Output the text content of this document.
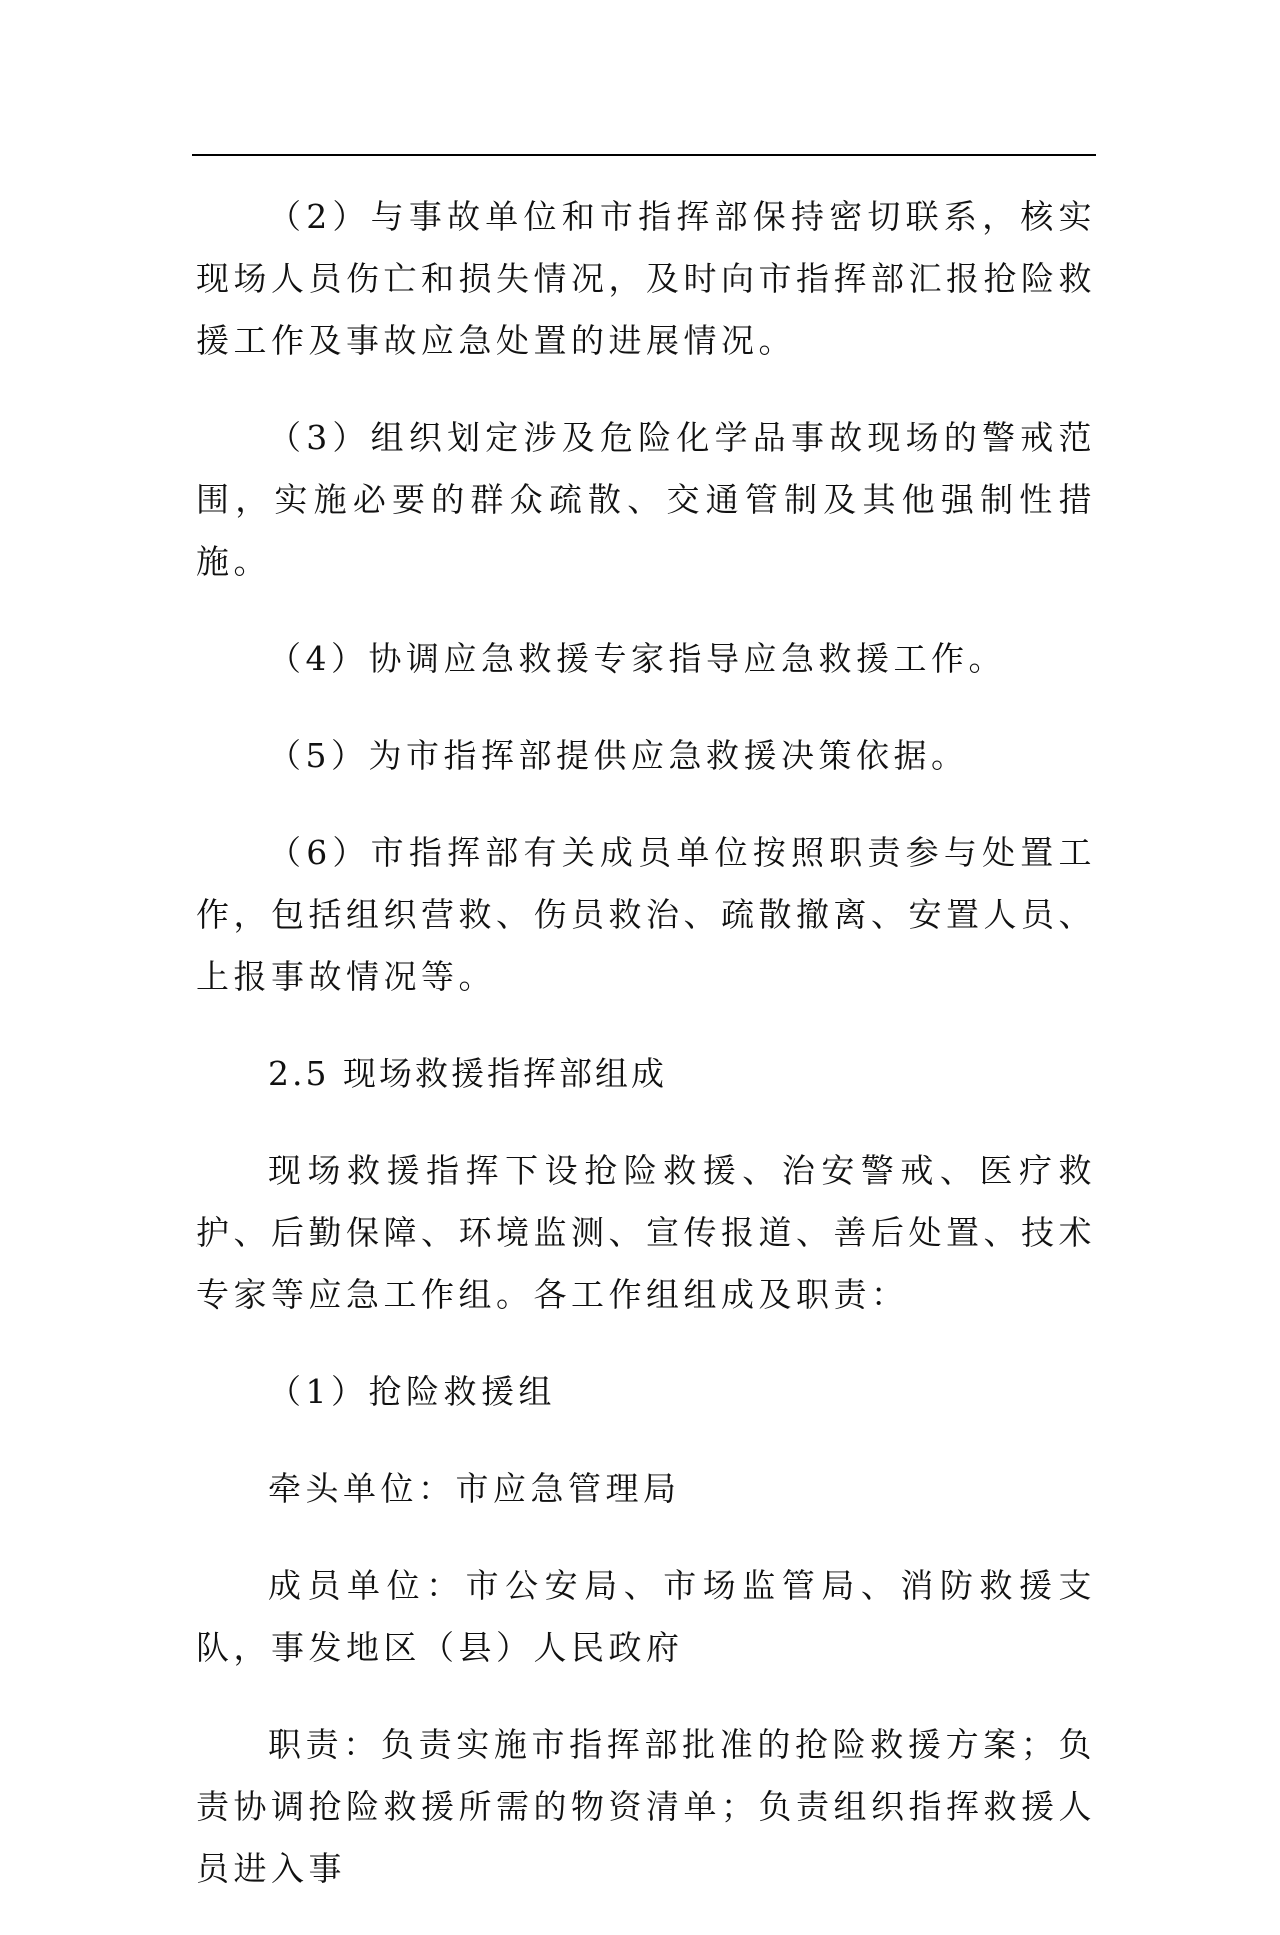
（2）与事故单位和市指挥部保持密切联系，核实现场人员伤亡和损失情况，及时向市指挥部汇报抢险救援工作及事故应急处置的进展情况。

（3）组织划定涉及危险化学品事故现场的警戒范围，实施必要的群众疏散、交通管制及其他强制性措施。

（4）协调应急救援专家指导应急救援工作。

（5）为市指挥部提供应急救援决策依据。

（6）市指挥部有关成员单位按照职责参与处置工作，包括组织营救、伤员救治、疏散撤离、安置人员、上报事故情况等。

2.5 现场救援指挥部组成

现场救援指挥下设抢险救援、治安警戒、医疗救护、后勤保障、环境监测、宣传报道、善后处置、技术专家等应急工作组。各工作组组成及职责：

（1）抢险救援组

牵头单位：市应急管理局

成员单位：市公安局、市场监管局、消防救援支队，事发地区（县）人民政府

职责：负责实施市指挥部批准的抢险救援方案；负责协调抢险救援所需的物资清单；负责组织指挥救援人员进入事
